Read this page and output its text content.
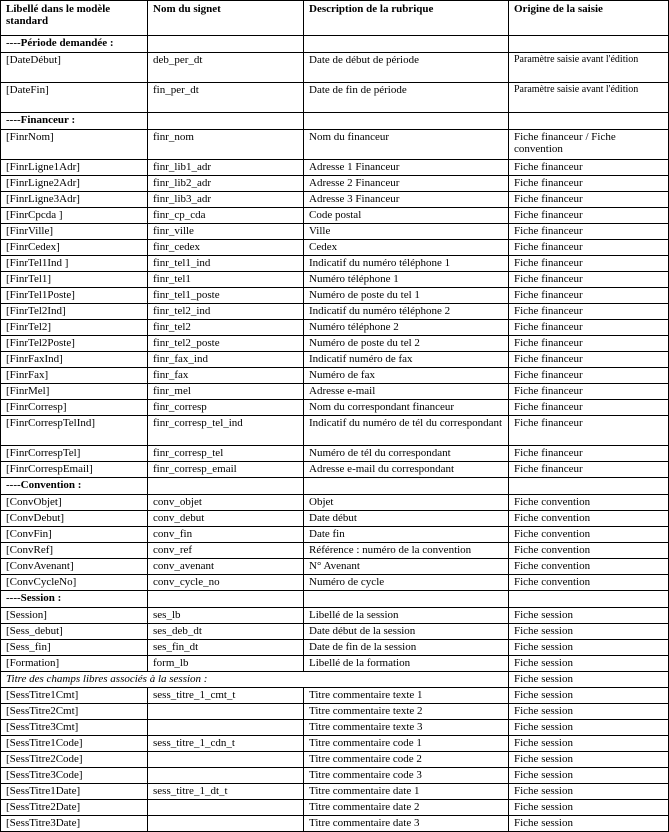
Libellé dans le modèle standard	Nom du signet	Description de la rubrique	Origine de la saisie
----Période demandée :			
[DateDébut]	deb_per_dt	Date de début de période	Paramètre saisie avant l'édition
[DateFin]	fin_per_dt	Date de fin de période	Paramètre saisie avant l'édition
----Financeur :			
[FinrNom]	finr_nom	Nom du financeur	Fiche financeur / Fiche convention
[FinrLigne1Adr]	finr_lib1_adr	Adresse 1 Financeur	Fiche financeur
[FinrLigne2Adr]	finr_lib2_adr	Adresse 2 Financeur	Fiche financeur
[FinrLigne3Adr]	finr_lib3_adr	Adresse 3 Financeur	Fiche financeur
[FinrCpcda ]	finr_cp_cda	Code postal	Fiche financeur
[FinrVille]	finr_ville	Ville	Fiche financeur
[FinrCedex]	finr_cedex	Cedex	Fiche financeur
[FinrTel1Ind ]	finr_tel1_ind	Indicatif du numéro téléphone 1	Fiche financeur
[FinrTel1]	finr_tel1	Numéro téléphone 1	Fiche financeur
[FinrTel1Poste]	finr_tel1_poste	Numéro de poste du tel 1	Fiche financeur
[FinrTel2Ind]	finr_tel2_ind	Indicatif du numéro téléphone 2	Fiche financeur
[FinrTel2]	finr_tel2	Numéro téléphone 2	Fiche financeur
[FinrTel2Poste]	finr_tel2_poste	Numéro de poste du tel 2	Fiche financeur
[FinrFaxInd]	finr_fax_ind	Indicatif numéro de fax	Fiche financeur
[FinrFax]	finr_fax	Numéro de fax	Fiche financeur
[FinrMel]	finr_mel	Adresse e-mail	Fiche financeur
[FinrCorresp]	finr_corresp	Nom du correspondant financeur	Fiche financeur
[FinrCorrespTelInd]	finr_corresp_tel_ind	Indicatif du numéro de tél du correspondant	Fiche financeur
[FinrCorrespTel]	finr_corresp_tel	Numéro de tél du correspondant	Fiche financeur
[FinrCorrespEmail]	finr_corresp_email	Adresse e-mail du correspondant	Fiche financeur
----Convention :			
[ConvObjet]	conv_objet	Objet	Fiche convention
[ConvDebut]	conv_debut	Date début	Fiche convention
[ConvFin]	conv_fin	Date fin	Fiche convention
[ConvRef]	conv_ref	Référence : numéro de la convention	Fiche convention
[ConvAvenant]	conv_avenant	N° Avenant	Fiche convention
[ConvCycleNo]	conv_cycle_no	Numéro de cycle	Fiche convention
----Session :			
[Session]	ses_lb	Libellé de la session	Fiche session
[Sess_debut]	ses_deb_dt	Date début de la session	Fiche session
[Sess_fin]	ses_fin_dt	Date de fin de la session	Fiche session
[Formation]	form_lb	Libellé de la formation	Fiche session
Titre des champs libres associés à la session :			Fiche session
[SessTitre1Cmt]	sess_titre_1_cmt_t	Titre commentaire texte 1	Fiche session
[SessTitre2Cmt]		Titre commentaire texte 2	Fiche session
[SessTitre3Cmt]		Titre commentaire texte 3	Fiche session
[SessTitre1Code]	sess_titre_1_cdn_t	Titre commentaire code 1	Fiche session
[SessTitre2Code]		Titre commentaire code 2	Fiche session
[SessTitre3Code]		Titre commentaire code 3	Fiche session
[SessTitre1Date]	sess_titre_1_dt_t	Titre commentaire date 1	Fiche session
[SessTitre2Date]		Titre commentaire date 2	Fiche session
[SessTitre3Date]		Titre commentaire date 3	Fiche session
